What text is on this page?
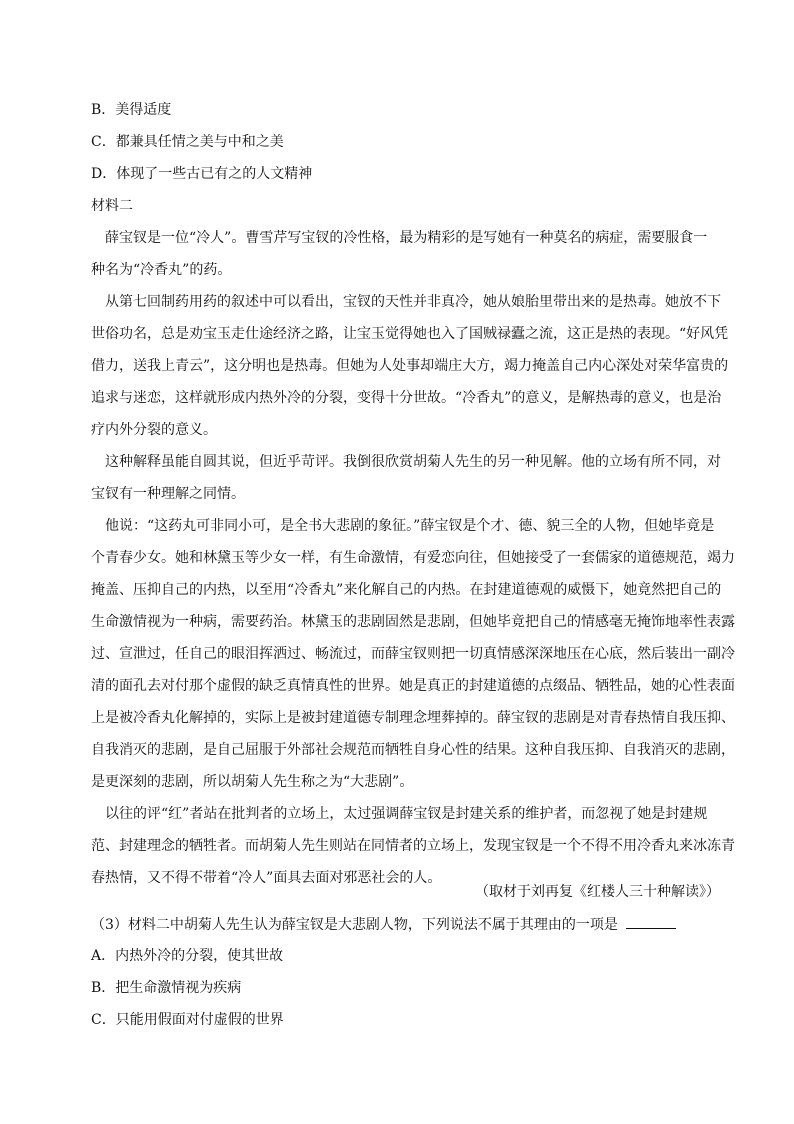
B．美得适度

C．都兼具任情之美与中和之美

D．体现了一些古已有之的人文精神

材料二

薛宝钗是一位“冷人”。曹雪芹写宝钗的冷性格，最为精彩的是写她有一种莫名的病症，需要服食一

种名为“冷香丸”的药。

从第七回制药用药的叙述中可以看出，宝钗的天性并非真冷，她从娘胎里带出来的是热毒。她放不下

世俗功名，总是劝宝玉走仕途经济之路，让宝玉觉得她也入了国贼禄蠹之流，这正是热的表现。“好风凭

借力，送我上青云”，这分明也是热毒。但她为人处事却端庄大方，竭力掩盖自己内心深处对荣华富贵的

追求与迷恋，这样就形成内热外冷的分裂，变得十分世故。“冷香丸”的意义，是解热毒的意义，也是治

疗内外分裂的意义。

这种解释虽能自圆其说，但近乎苛评。我倒很欣赏胡菊人先生的另一种见解。他的立场有所不同，对

宝钗有一种理解之同情。

他说：“这药丸可非同小可，是全书大悲剧的象征。”薛宝钗是个才、德、貌三全的人物，但她毕竟是

个青春少女。她和林黛玉等少女一样，有生命激情，有爱恋向往，但她接受了一套儒家的道德规范，竭力

掩盖、压抑自己的内热，以至用“冷香丸”来化解自己的内热。在封建道德观的威慑下，她竟然把自己的

生命激情视为一种病，需要药治。林黛玉的悲剧固然是悲剧，但她毕竟把自己的情感毫无掩饰地率性表露

过、宣泄过，任自己的眼泪挥洒过、畅流过，而薛宝钗则把一切真情感深深地压在心底，然后装出一副冷

清的面孔去对付那个虚假的缺乏真情真性的世界。她是真正的封建道德的点缀品、牺牲品，她的心性表面

上是被冷香丸化解掉的，实际上是被封建道德专制理念埋葬掉的。薛宝钗的悲剧是对青春热情自我压抑、

自我消灭的悲剧，是自己屈服于外部社会规范而牺牲自身心性的结果。这种自我压抑、自我消灭的悲剧，

是更深刻的悲剧，所以胡菊人先生称之为“大悲剧”。

以往的评“红”者站在批判者的立场上，太过强调薛宝钗是封建关系的维护者，而忽视了她是封建规

范、封建理念的牺牲者。而胡菊人先生则站在同情者的立场上，发现宝钗是一个不得不用冷香丸来冰冻青

春热情，又不得不带着“冷人”面具去面对邪恶社会的人。

（取材于刘再复《红楼人三十种解读》）

（3）材料二中胡菊人先生认为薛宝钗是大悲剧人物，下列说法不属于其理由的一项是

A．内热外冷的分裂，使其世故

B．把生命激情视为疾病

C．只能用假面对付虚假的世界
